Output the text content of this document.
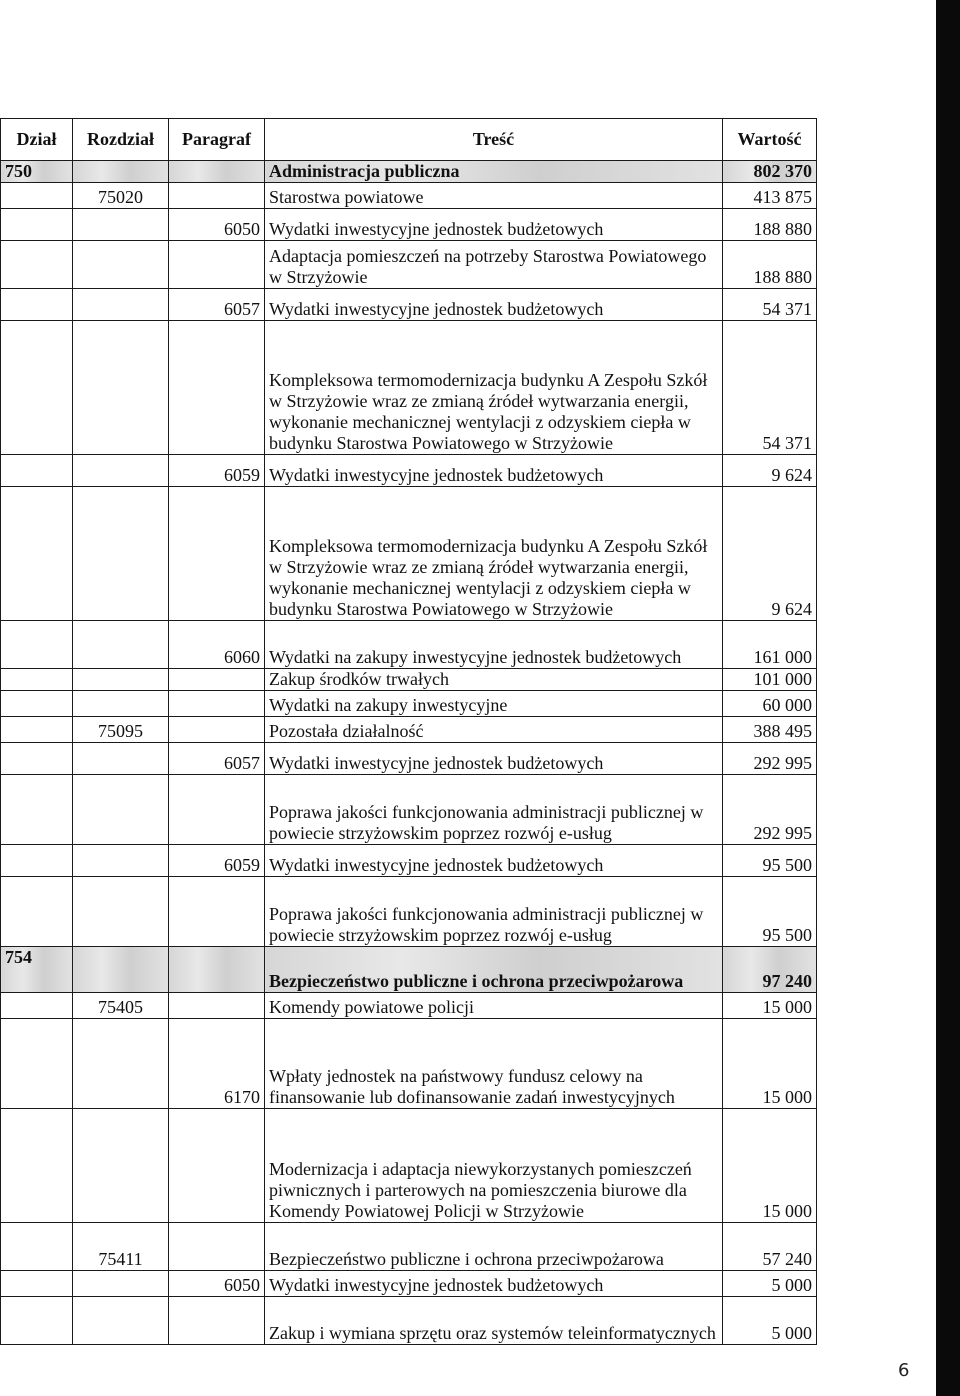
Dział	Rozdział	Paragraf	Treść	Wartość
750			Administracja publiczna	802 370
	75020		Starostwa powiatowe	413 875
		6050	Wydatki inwestycyjne jednostek budżetowych	188 880
			Adaptacja pomieszczeń na potrzeby Starostwa Powiatowego w Strzyżowie	188 880
		6057	Wydatki inwestycyjne jednostek budżetowych	54 371
			Kompleksowa termomodernizacja budynku A Zespołu Szkół w Strzyżowie wraz ze zmianą źródeł wytwarzania energii, wykonanie mechanicznej wentylacji z odzyskiem ciepła w budynku Starostwa Powiatowego w Strzyżowie	54 371
		6059	Wydatki inwestycyjne jednostek budżetowych	9 624
			Kompleksowa termomodernizacja budynku A Zespołu Szkół w Strzyżowie wraz ze zmianą źródeł wytwarzania energii, wykonanie mechanicznej wentylacji z odzyskiem ciepła w budynku Starostwa Powiatowego w Strzyżowie	9 624
		6060	Wydatki na zakupy inwestycyjne jednostek budżetowych	161 000
			Zakup środków trwałych	101 000
			Wydatki na zakupy inwestycyjne	60 000
	75095		Pozostała działalność	388 495
		6057	Wydatki inwestycyjne jednostek budżetowych	292 995
			Poprawa jakości funkcjonowania administracji publicznej w powiecie strzyżowskim poprzez rozwój e-usług	292 995
		6059	Wydatki inwestycyjne jednostek budżetowych	95 500
			Poprawa jakości funkcjonowania administracji publicznej w powiecie strzyżowskim poprzez rozwój e-usług	95 500
754			Bezpieczeństwo publiczne i ochrona przeciwpożarowa	97 240
	75405		Komendy powiatowe policji	15 000
		6170	Wpłaty jednostek na państwowy fundusz celowy na finansowanie lub dofinansowanie zadań inwestycyjnych	15 000
			Modernizacja i adaptacja niewykorzystanych pomieszczeń piwnicznych i parterowych na pomieszczenia biurowe dla Komendy Powiatowej Policji w Strzyżowie	15 000
	75411		Bezpieczeństwo publiczne i ochrona przeciwpożarowa	57 240
		6050	Wydatki inwestycyjne jednostek budżetowych	5 000
			Zakup i wymiana sprzętu oraz systemów teleinformatycznych	5 000
6
